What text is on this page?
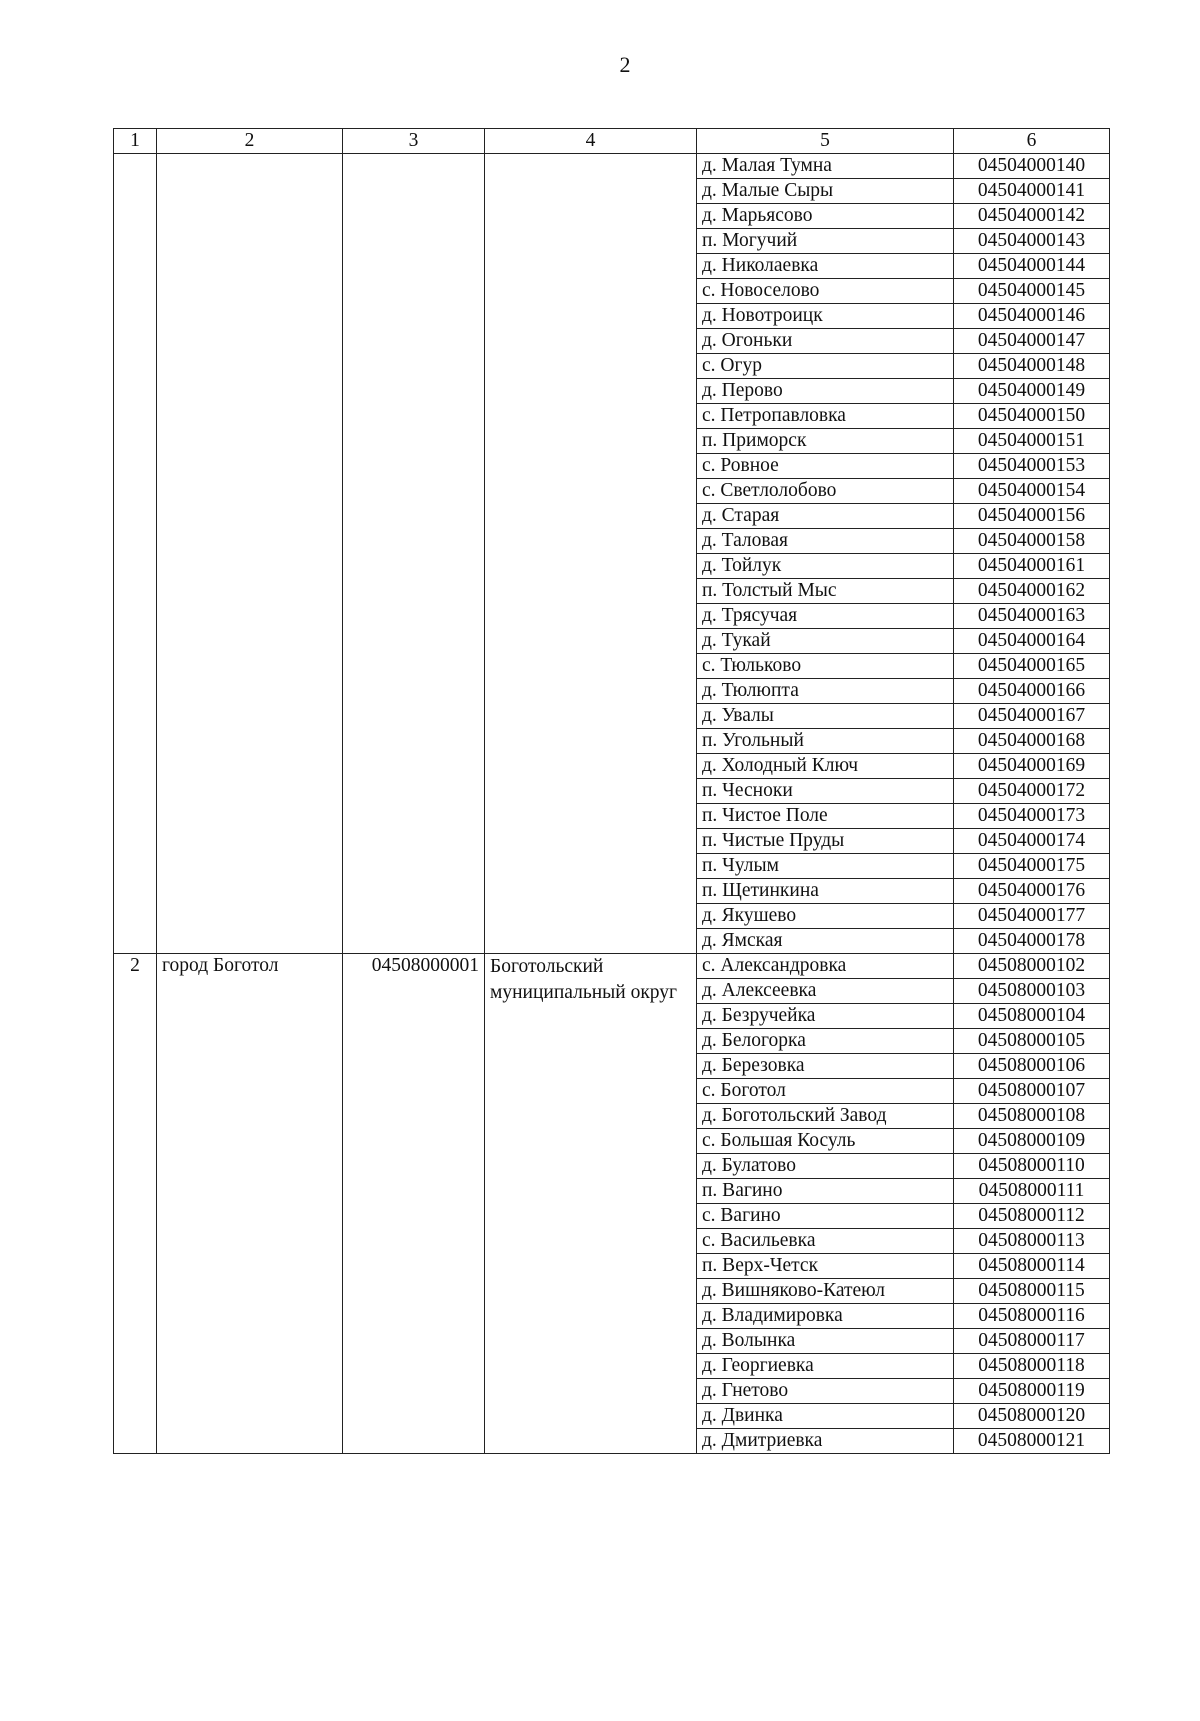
2
1	2	3	4	5	6
				д. Малая Тумна	04504000140
				д. Малые Сыры	04504000141
				д. Марьясово	04504000142
				п. Могучий	04504000143
				д. Николаевка	04504000144
				с. Новоселово	04504000145
				д. Новотроицк	04504000146
				д. Огоньки	04504000147
				с. Огур	04504000148
				д. Перово	04504000149
				с. Петропавловка	04504000150
				п. Приморск	04504000151
				с. Ровное	04504000153
				с. Светлолобово	04504000154
				д. Старая	04504000156
				д. Таловая	04504000158
				д. Тойлук	04504000161
				п. Толстый Мыс	04504000162
				д. Трясучая	04504000163
				д. Тукай	04504000164
				с. Тюльково	04504000165
				д. Тюлюпта	04504000166
				д. Увалы	04504000167
				п. Угольный	04504000168
				д. Холодный Ключ	04504000169
				п. Чесноки	04504000172
				п. Чистое Поле	04504000173
				п. Чистые Пруды	04504000174
				п. Чулым	04504000175
				п. Щетинкина	04504000176
				д. Якушево	04504000177
				д. Ямская	04504000178
2	город Боготол	04508000001	Боготольский муниципальный округ	с. Александровка	04508000102
				д. Алексеевка	04508000103
				д. Безручейка	04508000104
				д. Белогорка	04508000105
				д. Березовка	04508000106
				с. Боготол	04508000107
				д. Боготольский Завод	04508000108
				с. Большая Косуль	04508000109
				д. Булатово	04508000110
				п. Вагино	04508000111
				с. Вагино	04508000112
				с. Васильевка	04508000113
				п. Верх-Четск	04508000114
				д. Вишняково-Катеюл	04508000115
				д. Владимировка	04508000116
				д. Волынка	04508000117
				д. Георгиевка	04508000118
				д. Гнетово	04508000119
				д. Двинка	04508000120
				д. Дмитриевка	04508000121
